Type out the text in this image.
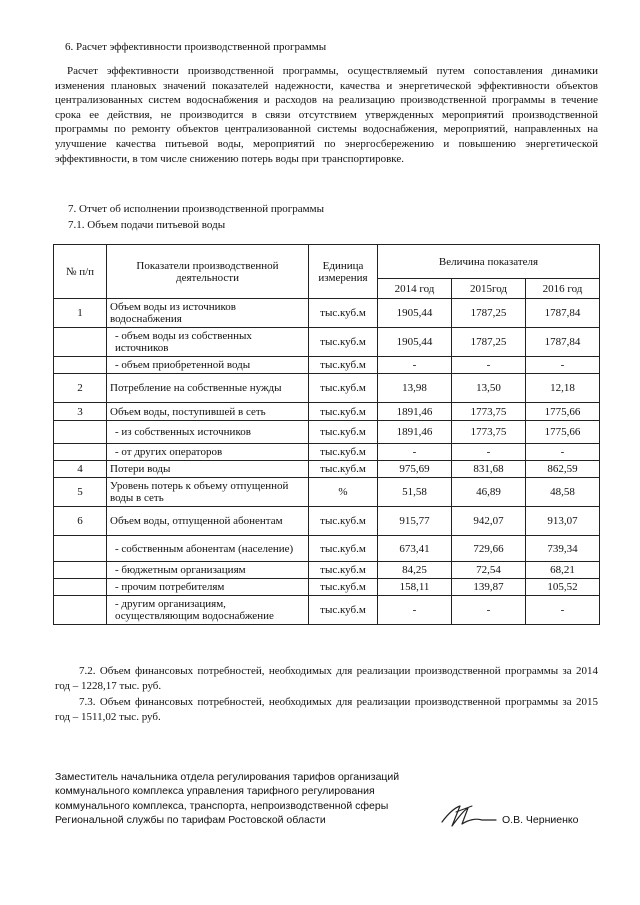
6. Расчет эффективности производственной программы
Расчет эффективности производственной программы, осуществляемый путем сопоставления динамики изменения плановых значений показателей надежности, качества и энергетической эффективности объектов централизованных систем водоснабжения и расходов на реализацию производственной программы в течение срока ее действия, не производится в связи отсутствием утвержденных мероприятий производственной программы по ремонту объектов централизованной системы водоснабжения, мероприятий, направленных на улучшение качества питьевой воды, мероприятий по энергосбережению и повышению энергетической эффективности, в том числе снижению потерь воды при транспортировке.
7. Отчет об исполнении производственной программы
7.1. Объем подачи питьевой воды
№ п/п	Показатели производственной деятельности	Единица измерения	Величина показателя		
			2014 год	2015год	2016 год
1	Объем воды из источников водоснабжения	тыс.куб.м	1905,44	1787,25	1787,84
	- объем воды из собственных источников	тыс.куб.м	1905,44	1787,25	1787,84
	- объем приобретенной воды	тыс.куб.м	-	-	-
2	Потребление на собственные нужды	тыс.куб.м	13,98	13,50	12,18
3	Объем воды, поступившей в сеть	тыс.куб.м	1891,46	1773,75	1775,66
	- из собственных источников	тыс.куб.м	1891,46	1773,75	1775,66
	- от других операторов	тыс.куб.м	-	-	-
4	Потери воды	тыс.куб.м	975,69	831,68	862,59
5	Уровень потерь к объему отпущенной воды в сеть	%	51,58	46,89	48,58
6	Объем воды, отпущенной абонентам	тыс.куб.м	915,77	942,07	913,07
	- собственным абонентам (население)	тыс.куб.м	673,41	729,66	739,34
	- бюджетным организациям	тыс.куб.м	84,25	72,54	68,21
	- прочим потребителям	тыс.куб.м	158,11	139,87	105,52
	- другим организациям, осуществляющим водоснабжение	тыс.куб.м	-	-	-
7.2. Объем финансовых потребностей, необходимых для реализации производственной программы за 2014 год – 1228,17 тыс. руб.
7.3. Объем финансовых потребностей, необходимых для реализации производственной программы за 2015 год – 1511,02 тыс. руб.
Заместитель начальника отдела регулирования тарифов организаций
коммунального комплекса управления тарифного регулирования
коммунального комплекса, транспорта, непроизводственной сферы
Региональной службы по тарифам Ростовской области	О.В. Черниенко
